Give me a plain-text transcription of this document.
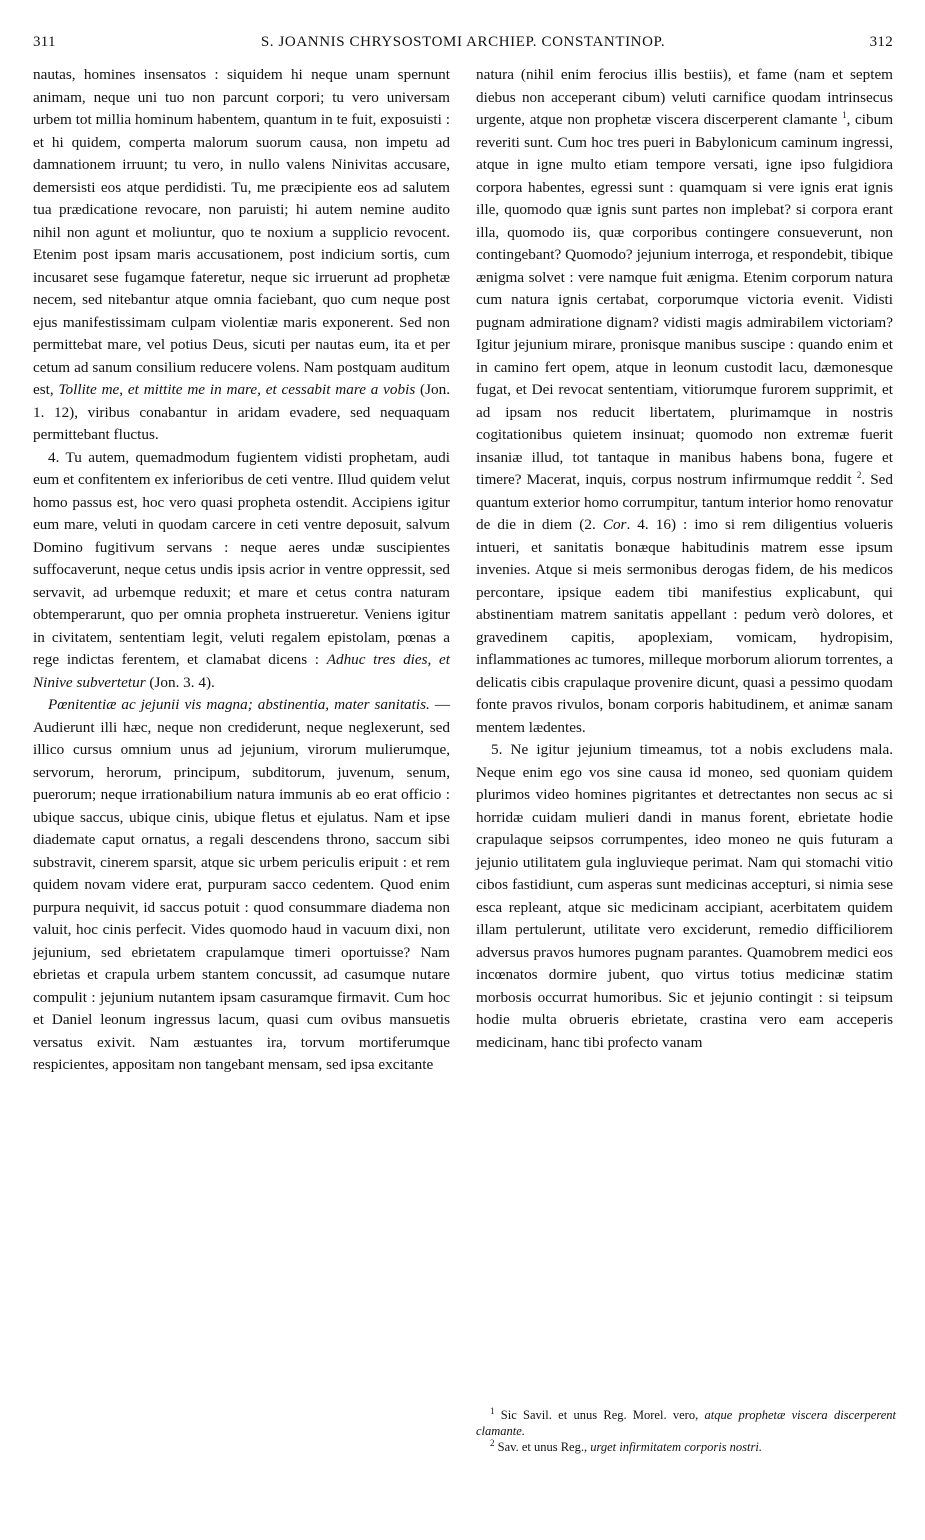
311	S. JOANNIS CHRYSOSTOMI ARCHIEP. CONSTANTINOP.	312

nautas, homines insensatos : siquidem hi neque unam spernunt animam, neque uni tuo non parcunt corpori; tu vero universam urbem tot millia hominum habentem, quantum in te fuit, exposuisti : et hi quidem, comperta malorum suorum causa, non impetu ad damnationem irruunt; tu vero, in nullo valens Ninivitas accusare, demersisti eos atque perdidisti. Tu, me præcipiente eos ad salutem tua prædicatione revocare, non paruisti; hi autem nemine audito nihil non agunt et moliuntur, quo te noxium a supplicio revocent. Etenim post ipsam maris accusationem, post indicium sortis, cum incusaret sese fugamque fateretur, neque sic irruerunt ad prophetæ necem, sed nitebantur atque omnia faciebant, quo cum neque post ejus manifestissimam culpam violentiæ maris exponerent. Sed non permittebat mare, vel potius Deus, sicuti per nautas eum, ita et per cetum ad sanum consilium reducere volens. Nam postquam auditum est, Tollite me, et mittite me in mare, et cessabit mare a vobis (Jon. 1. 12), viribus conabantur in aridam evadere, sed nequaquam permittebant fluctus.

4. Tu autem, quemadmodum fugientem vidisti prophetam, audi eum et confitentem ex inferioribus de ceti ventre. Illud quidem velut homo passus est, hoc vero quasi propheta ostendit. Accipiens igitur eum mare, veluti in quodam carcere in ceti ventre deposuit, salvum Domino fugitivum servans : neque aeres undæ suscipientes suffocaverunt, neque cetus undis ipsis acrior in ventre oppressit, sed servavit, ad urbemque reduxit; et mare et cetus contra naturam obtemperarunt, quo per omnia propheta instrueretur. Veniens igitur in civitatem, sententiam legit, veluti regalem epistolam, pœnas a rege indictas ferentem, et clamabat dicens : Adhuc tres dies, et Ninive subvertetur (Jon. 3. 4).

Pœnitentiæ ac jejunii vis magna; abstinentia, mater sanitatis. — Audierunt illi hæc, neque non crediderunt, neque neglexerunt, sed illico cursus omnium unus ad jejunium, virorum mulierumque, servorum, herorum, principum, subditorum, juvenum, senum, puerorum; neque irrationabilium natura immunis ab eo erat officio : ubique saccus, ubique cinis, ubique fletus et ejulatus. Nam et ipse diademate caput ornatus, a regali descendens throno, saccum sibi substravit, cinerem sparsit, atque sic urbem periculis eripuit : et rem quidem novam videre erat, purpuram sacco cedentem. Quod enim purpura nequivit, id saccus potuit : quod consummare diadema non valuit, hoc cinis perfecit. Vides quomodo haud in vacuum dixi, non jejunium, sed ebrietatem crapulamque timeri oportuisse? Nam ebrietas et crapula urbem stantem concussit, ad casumque nutare compulit : jejunium nutantem ipsam casuramque firmavit. Cum hoc et Daniel leonum ingressus lacum, quasi cum ovibus mansuetis versatus exivit. Nam æstuantes ira, torvum mortiferumque respicientes, appositam non tangebant mensam, sed ipsa excitante

natura (nihil enim ferocius illis bestiis), et fame (nam et septem diebus non acceperant cibum) veluti carnifice quodam intrinsecus urgente, atque non prophetæ viscera discerperent clamante $^1$, cibum reveriti sunt. Cum hoc tres pueri in Babylonicum caminum ingressi, atque in igne multo etiam tempore versati, igne ipso fulgidiora corpora habentes, egressi sunt : quamquam si vere ignis erat ignis ille, quomodo quæ ignis sunt partes non implebat? si corpora erant illa, quomodo iis, quæ corporibus contingere consueverunt, non contingebant? Quomodo? jejunium interroga, et respondebit, tibique ænigma solvet : vere namque fuit ænigma. Etenim corporum natura cum natura ignis certabat, corporumque victoria evenit. Vidisti pugnam admiratione dignam? vidisti magis admirabilem victoriam? Igitur jejunium mirare, pronisque manibus suscipe : quando enim et in camino fert opem, atque in leonum custodit lacu, dæmonesque fugat, et Dei revocat sententiam, vitiorumque furorem supprimit, et ad ipsam nos reducit libertatem, plurimamque in nostris cogitationibus quietem insinuat; quomodo non extremæ fuerit insaniæ illud, tot tantaque in manibus habens bona, fugere et timere? Macerat, inquis, corpus nostrum infirmumque reddit $^2$. Sed quantum exterior homo corrumpitur, tantum interior homo renovatur de die in diem (2. Cor. 4. 16) : imo si rem diligentius volueris intueri, et sanitatis bonæque habitudinis matrem esse ipsum invenies. Atque si meis sermonibus derogas fidem, de his medicos percontare, ipsique eadem tibi manifestius explicabunt, qui abstinentiam matrem sanitatis appellant : pedum verò dolores, et gravedinem capitis, apoplexiam, vomicam, hydropisim, inflammationes ac tumores, milleque morborum aliorum torrentes, a delicatis cibis crapulaque provenire dicunt, quasi a pessimo quodam fonte pravos rivulos, bonam corporis habitudinem, et animæ sanam mentem lædentes.

5. Ne igitur jejunium timeamus, tot a nobis excludens mala. Neque enim ego vos sine causa id moneo, sed quoniam quidem plurimos video homines pigritantes et detrectantes non secus ac si horridæ cuidam mulieri dandi in manus forent, ebrietate hodie crapulaque seipsos corrumpentes, ideo moneo ne quis futuram a jejunio utilitatem gula ingluvieque perimat. Nam qui stomachi vitio cibos fastidiunt, cum asperas sunt medicinas accepturi, si nimia sese esca repleant, atque sic medicinam accipiant, acerbitatem quidem illam pertulerunt, utilitate vero exciderunt, remedio difficiliorem adversus pravos humores pugnam parantes. Quamobrem medici eos incœnatos dormire jubent, quo virtus totius medicinæ statim morbosis occurrat humoribus. Sic et jejunio contingit : si teipsum hodie multa obrueris ebrietate, crastina vero eam acceperis medicinam, hanc tibi profecto vanam

$^1$ Sic Savil. et unus Reg. Morel. vero, atque prophetæ viscera discerperent clamante.

$^2$ Sav. et unus Reg., urget infirmitatem corporis nostri.
